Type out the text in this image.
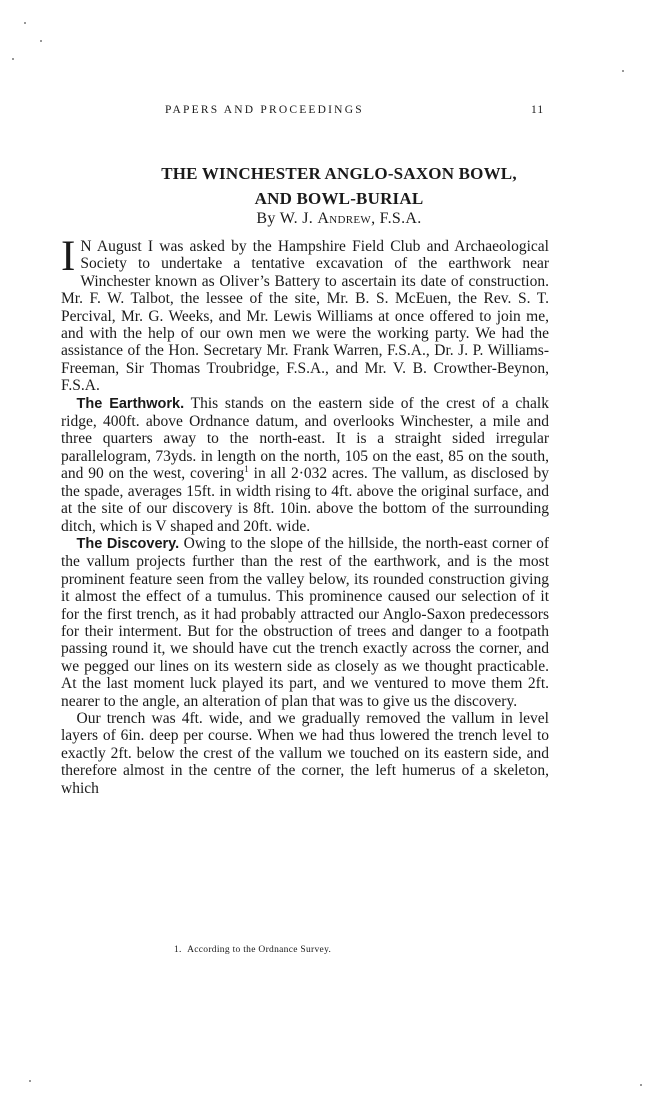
PAPERS AND PROCEEDINGS	11
THE WINCHESTER ANGLO-SAXON BOWL,
AND BOWL-BURIAL
By W. J. Andrew, F.S.A.

I N August I was asked by the Hampshire Field Club and Archaeological Society to undertake a tentative excavation of the earthwork near Winchester known as Oliver’s Battery to ascertain its date of construction. Mr. F. W. Talbot, the lessee of the site, Mr. B. S. McEuen, the Rev. S. T. Percival, Mr. G. Weeks, and Mr. Lewis Williams at once offered to join me, and with the help of our own men we were the working party. We had the assistance of the Hon. Secretary Mr. Frank Warren, F.S.A., Dr. J. P. Williams-Freeman, Sir Thomas Troubridge, F.S.A., and Mr. V. B. Crowther-Beynon, F.S.A.

 The Earthwork. This stands on the eastern side of the crest of a chalk ridge, 400ft. above Ordnance datum, and overlooks Winchester, a mile and three quarters away to the north-east. It is a straight sided irregular parallelogram, 73yds. in length on the north, 105 on the east, 85 on the south, and 90 on the west, covering$^1$ in all 2·032 acres. The vallum, as disclosed by the spade, averages 15ft. in width rising to 4ft. above the original surface, and at the site of our discovery is 8ft. 10in. above the bottom of the surrounding ditch, which is V shaped and 20ft. wide.

 The Discovery. Owing to the slope of the hillside, the north-east corner of the vallum projects further than the rest of the earthwork, and is the most prominent feature seen from the valley below, its rounded construction giving it almost the effect of a tumulus. This prominence caused our selection of it for the first trench, as it had probably attracted our Anglo-Saxon predecessors for their interment. But for the obstruction of trees and danger to a footpath passing round it, we should have cut the trench exactly across the corner, and we pegged our lines on its western side as closely as we thought practicable. At the last moment luck played its part, and we ventured to move them 2ft. nearer to the angle, an alteration of plan that was to give us the discovery.

 Our trench was 4ft. wide, and we gradually removed the vallum in level layers of 6in. deep per course. When we had thus lowered the trench level to exactly 2ft. below the crest of the vallum we touched on its eastern side, and therefore almost in the centre of the corner, the left humerus of a skeleton, which

1. According to the Ordnance Survey.
